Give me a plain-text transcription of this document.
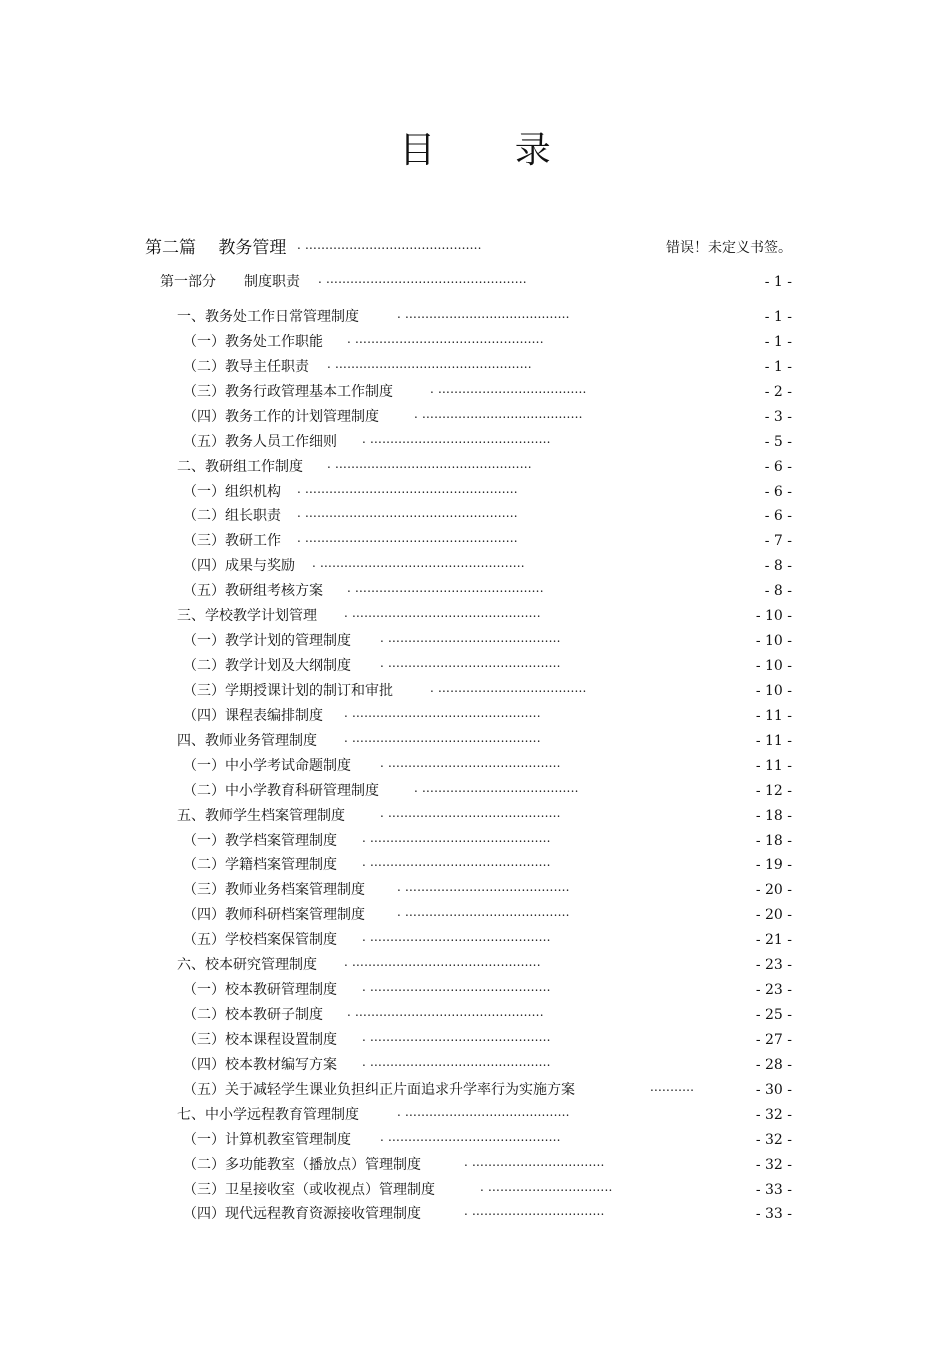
目 录
第二篇　 教务管理 . ............................................	错误！未定义书签。
第一部分　　制度职责 . ..................................................	- 1 -
一、教务处工作日常管理制度	. .........................................	- 1 -
（一）教务处工作职能 . ...............................................	- 1 -
（二）教导主任职责 . .................................................	- 1 -
（三）教务行政管理基本工作制度	. .....................................	- 2 -
（四）教务工作的计划管理制度	. ........................................	- 3 -
（五）教务人员工作细则 . .............................................	- 5 -
二、教研组工作制度 . .................................................	- 6 -
（一）组织机构 . .....................................................	- 6 -
（二）组长职责 . .....................................................	- 6 -
（三）教研工作 . .....................................................	- 7 -
（四）成果与奖励 . ...................................................	- 8 -
（五）教研组考核方案 . ...............................................	- 8 -
三、学校教学计划管理 . ...............................................	- 10 -
（一）教学计划的管理制度 . ...........................................	- 10 -
（二）教学计划及大纲制度 . ...........................................	- 10 -
（三）学期授课计划的制订和审批	. .....................................	- 10 -
（四）课程表编排制度 . ...............................................	- 11 -
四、教师业务管理制度 . ...............................................	- 11 -
（一）中小学考试命题制度 . ...........................................	- 11 -
（二）中小学教育科研管理制度	. .......................................	- 12 -
五、教师学生档案管理制度	. ...........................................	- 18 -
（一）教学档案管理制度 . .............................................	- 18 -
（二）学籍档案管理制度 . .............................................	- 19 -
（三）教师业务档案管理制度	. .........................................	- 20 -
（四）教师科研档案管理制度	. .........................................	- 20 -
（五）学校档案保管制度 . .............................................	- 21 -
六、校本研究管理制度 . ...............................................	- 23 -
（一）校本教研管理制度 . .............................................	- 23 -
（二）校本教研子制度 . ...............................................	- 25 -
（三）校本课程设置制度 . .............................................	- 27 -
（四）校本教材编写方案 . .............................................	- 28 -
（五）关于减轻学生课业负担纠正片面追求升学率行为实施方案	...........	- 30 -
七、中小学远程教育管理制度	. .........................................	- 32 -
（一）计算机教室管理制度 . ...........................................	- 32 -
（二）多功能教室（播放点）管理制度	. .................................	- 32 -
（三）卫星接收室（或收视点）管理制度	. ...............................	- 33 -
（四）现代远程教育资源接收管理制度	. .................................	- 33 -
